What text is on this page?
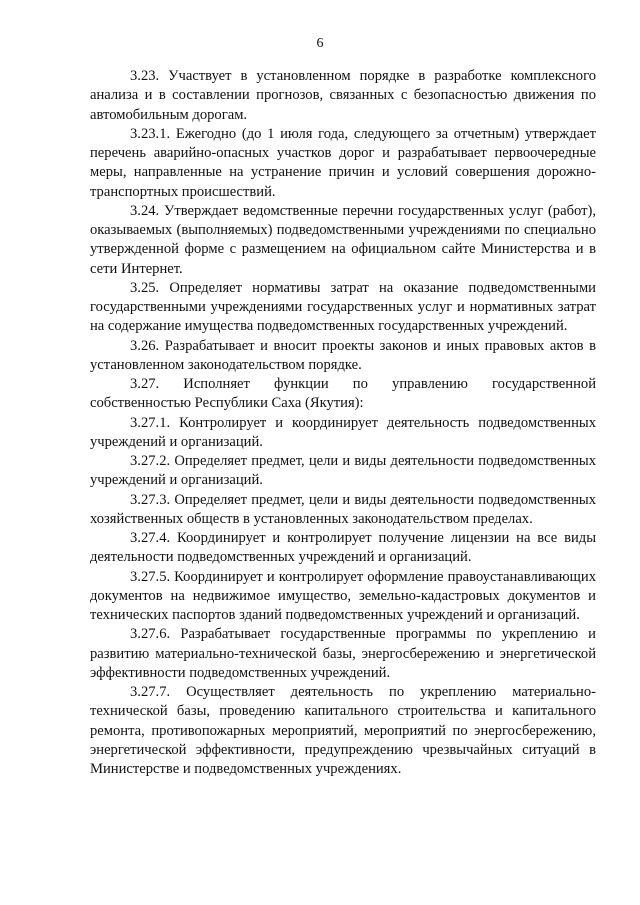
6

3.23. Участвует в установленном порядке в разработке комплексного анализа и в составлении прогнозов, связанных с безопасностью движения по автомобильным дорогам.

3.23.1. Ежегодно (до 1 июля года, следующего за отчетным) утверждает перечень аварийно-опасных участков дорог и разрабатывает первоочередные меры, направленные на устранение причин и условий совершения дорожно-транспортных происшествий.

3.24. Утверждает ведомственные перечни государственных услуг (работ), оказываемых (выполняемых) подведомственными учреждениями по специально утвержденной форме с размещением на официальном сайте Министерства и в сети Интернет.

3.25. Определяет нормативы затрат на оказание подведомственными государственными учреждениями государственных услуг и нормативных затрат на содержание имущества подведомственных государственных учреждений.

3.26. Разрабатывает и вносит проекты законов и иных правовых актов в установленном законодательством порядке.

3.27. Исполняет функции по управлению государственной собственностью Республики Саха (Якутия):

3.27.1. Контролирует и координирует деятельность подведомственных учреждений и организаций.

3.27.2. Определяет предмет, цели и виды деятельности подведомственных учреждений и организаций.

3.27.3. Определяет предмет, цели и виды деятельности подведомственных хозяйственных обществ в установленных законодательством пределах.

3.27.4. Координирует и контролирует получение лицензии на все виды деятельности подведомственных учреждений и организаций.

3.27.5. Координирует и контролирует оформление правоустанавливающих документов на недвижимое имущество, земельно-кадастровых документов и технических паспортов зданий подведомственных учреждений и организаций.

3.27.6. Разрабатывает государственные программы по укреплению и развитию материально-технической базы, энергосбережению и энергетической эффективности подведомственных учреждений.

3.27.7. Осуществляет деятельность по укреплению материально-технической базы, проведению капитального строительства и капитального ремонта, противопожарных мероприятий, мероприятий по энергосбережению, энергетической эффективности, предупреждению чрезвычайных ситуаций в Министерстве и подведомственных учреждениях.
